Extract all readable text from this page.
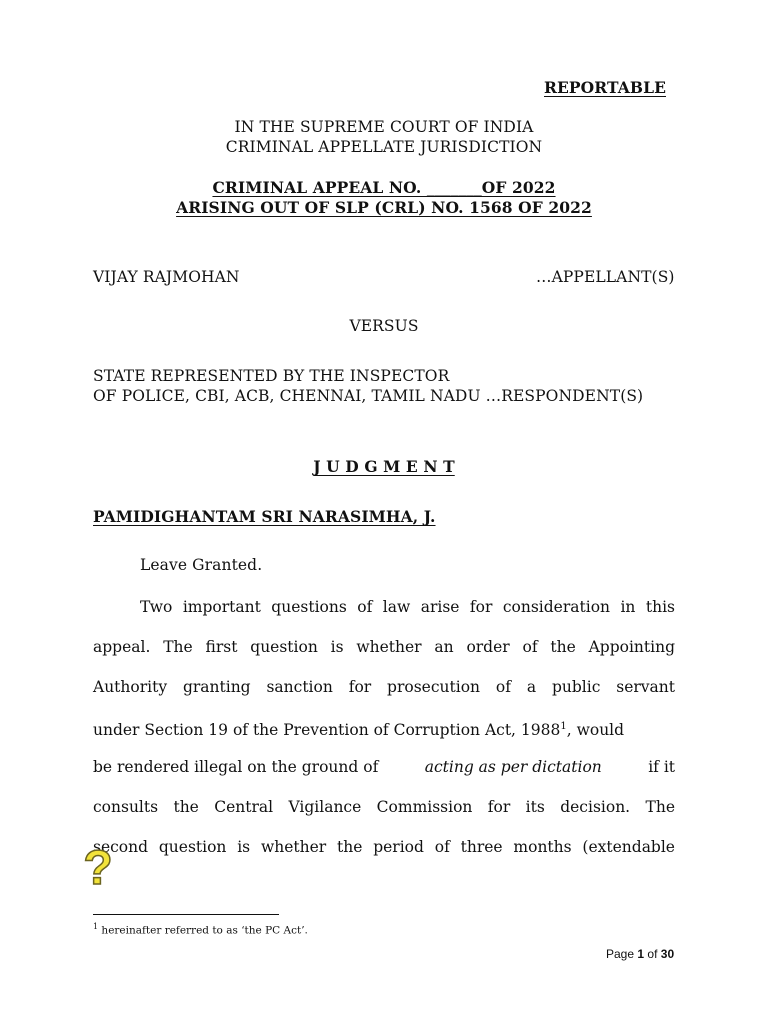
REPORTABLE
IN THE SUPREME COURT OF INDIA
CRIMINAL APPELLATE JURISDICTION
CRIMINAL APPEAL NO. _______OF 2022
ARISING OUT OF SLP (CRL) NO. 1568 OF 2022
VIJAY RAJMOHAN	…APPELLANT(S)
VERSUS
STATE REPRESENTED BY THE INSPECTOR
OF POLICE, CBI, ACB, CHENNAI, TAMIL NADU …RESPONDENT(S)
J U D G M E N T
PAMIDIGHANTAM SRI NARASIMHA, J.
Leave Granted.
Two important questions of law arise for consideration in this
appeal. The first question is whether an order of the Appointing
Authority granting sanction for prosecution of a public servant
under Section 19 of the Prevention of Corruption Act, 1988$^1$, would
be rendered illegal on the ground of	acting as per dictation	if it
consults the Central Vigilance Commission for its decision. The
second question is whether the period of three months (extendable
?
$^1$ hereinafter referred to as ‘the PC Act’.
Page 1 of 30
